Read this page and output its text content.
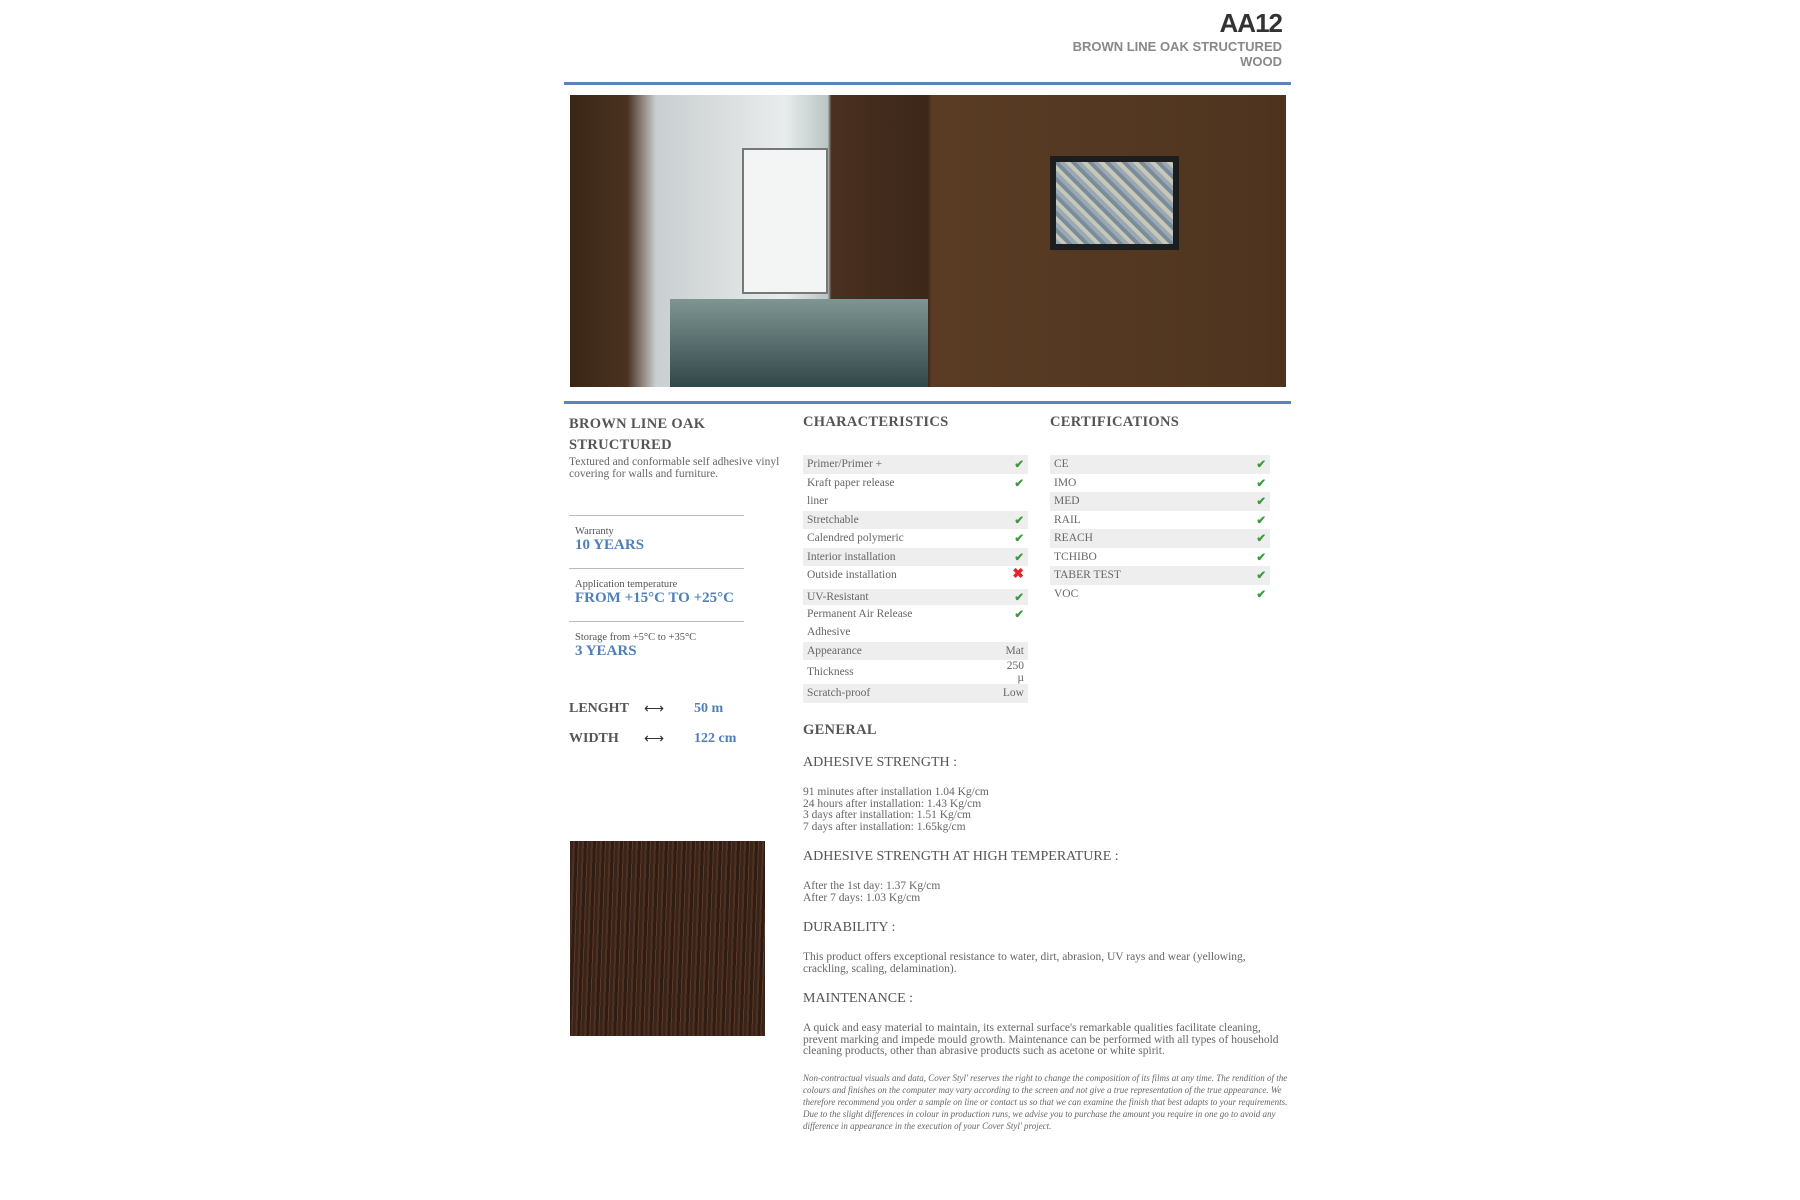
AA12
BROWN LINE OAK STRUCTURED WOOD
BROWN LINE OAK STRUCTURED
Textured and conformable self adhesive vinyl covering for walls and furniture.
Warranty
10 YEARS
Application temperature
FROM +15°C TO +25°C
Storage from +5°C to +35°C
3 YEARS
LENGHT	⟷	50 m
WIDTH	⟷	122 cm
CHARACTERISTICS
Primer/Primer +	✔
Kraft paper release	✔
liner	
Stretchable	✔
Calendred polymeric	✔
Interior installation	✔
Outside installation	✖
UV-Resistant	✔
Permanent Air Release	✔
Adhesive	
Appearance	Mat
Thickness	250 µ
Scratch-proof	Low
CERTIFICATIONS
CE	✔
IMO	✔
MED	✔
RAIL	✔
REACH	✔
TCHIBO	✔
TABER TEST	✔
VOC	✔
GENERAL
ADHESIVE STRENGTH :

91 minutes after installation 1.04 Kg/cm
24 hours after installation: 1.43 Kg/cm
3 days after installation: 1.51 Kg/cm
7 days after installation: 1.65kg/cm

ADHESIVE STRENGTH AT HIGH TEMPERATURE :

After the 1st day: 1.37 Kg/cm
After 7 days: 1.03 Kg/cm

DURABILITY :

This product offers exceptional resistance to water, dirt, abrasion, UV rays and wear (yellowing, crackling, scaling, delamination).

MAINTENANCE :

A quick and easy material to maintain, its external surface's remarkable qualities facilitate cleaning, prevent marking and impede mould growth. Maintenance can be performed with all types of household cleaning products, other than abrasive products such as acetone or white spirit.

Non-contractual visuals and data, Cover Styl' reserves the right to change the composition of its films at any time. The rendition of the colours and finishes on the computer may vary according to the screen and not give a true representation of the true appearance. We therefore recommend you order a sample on line or contact us so that we can examine the finish that best adapts to your requirements. Due to the slight differences in colour in production runs, we advise you to purchase the amount you require in one go to avoid any difference in appearance in the execution of your Cover Styl' project.
